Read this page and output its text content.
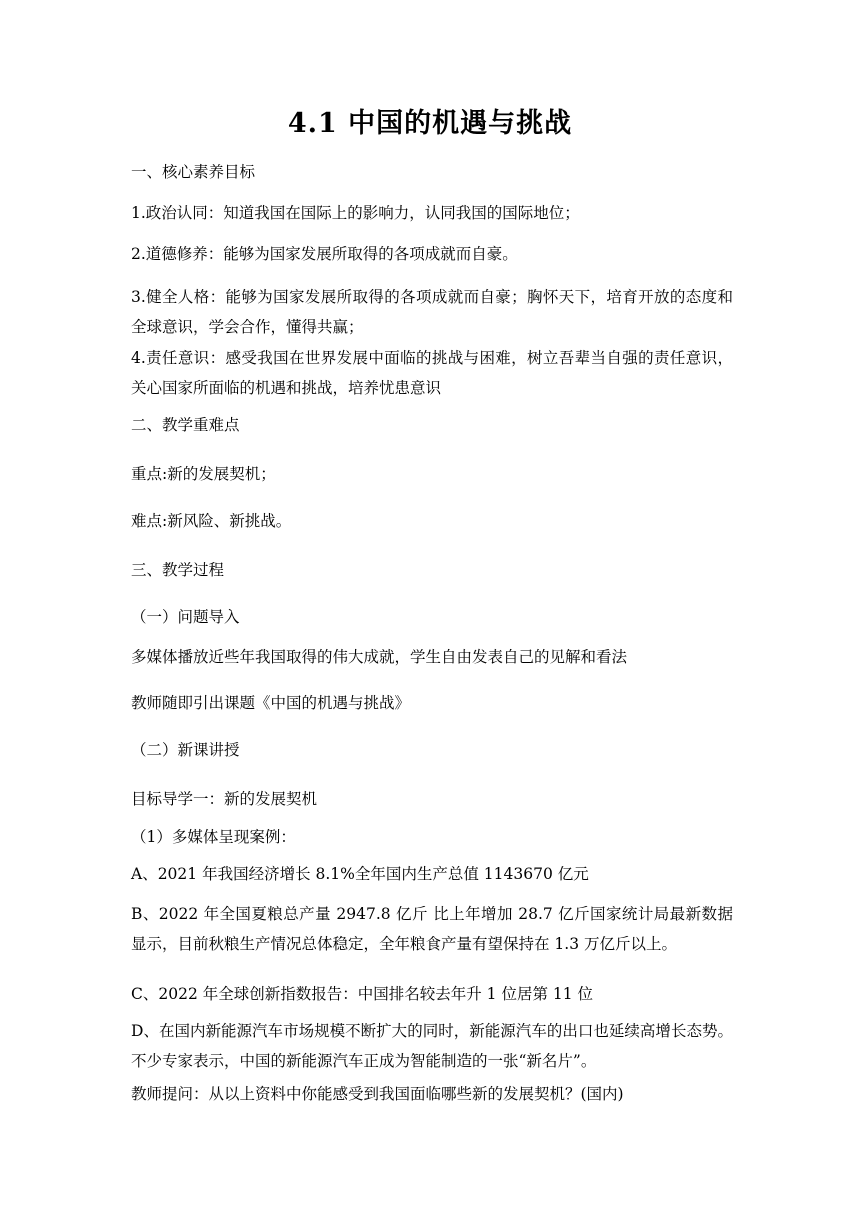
4.1 中国的机遇与挑战
一、核心素养目标
1.政治认同：知道我国在国际上的影响力，认同我国的国际地位；
2.道德修养：能够为国家发展所取得的各项成就而自豪。
3.健全人格：能够为国家发展所取得的各项成就而自豪；胸怀天下，培育开放的态度和全球意识，学会合作，懂得共赢；
4.责任意识：感受我国在世界发展中面临的挑战与困难，树立吾辈当自强的责任意识，关心国家所面临的机遇和挑战，培养忧患意识
二、教学重难点
重点:新的发展契机；
难点:新风险、新挑战。
三、教学过程
（一）问题导入
多媒体播放近些年我国取得的伟大成就，学生自由发表自己的见解和看法
教师随即引出课题《中国的机遇与挑战》
（二）新课讲授
目标导学一：新的发展契机
（1）多媒体呈现案例：
A、2021 年我国经济增长 8.1%全年国内生产总值 1143670 亿元
B、2022 年全国夏粮总产量 2947.8 亿斤 比上年增加 28.7 亿斤国家统计局最新数据显示，目前秋粮生产情况总体稳定，全年粮食产量有望保持在 1.3 万亿斤以上。
C、2022 年全球创新指数报告：中国排名较去年升 1 位居第 11 位
D、在国内新能源汽车市场规模不断扩大的同时，新能源汽车的出口也延续高增长态势。不少专家表示，中国的新能源汽车正成为智能制造的一张“新名片”。
教师提问：从以上资料中你能感受到我国面临哪些新的发展契机？(国内)
